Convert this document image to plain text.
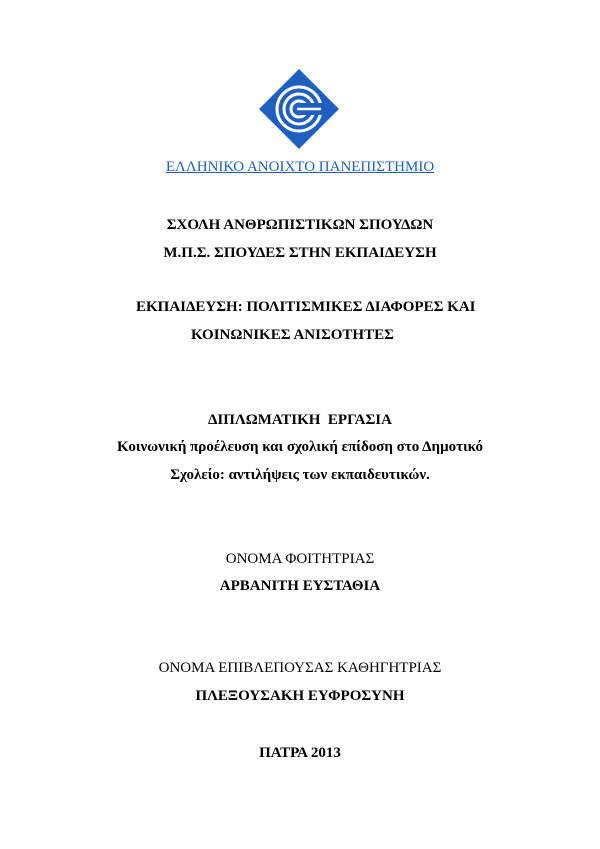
ΕΛΛΗΝΙΚΟ ΑΝΟΙΧΤΟ ΠΑΝΕΠΙΣΤΗΜΙΟ
ΣΧΟΛΗ ΑΝΘΡΩΠΙΣΤΙΚΩΝ ΣΠΟΥΔΩΝ
Μ.Π.Σ. ΣΠΟΥΔΕΣ ΣΤΗΝ ΕΚΠΑΙΔΕΥΣΗ
ΕΚΠΑΙΔΕΥΣΗ: ΠΟΛΙΤΙΣΜΙΚΕΣ ΔΙΑΦΟΡΕΣ ΚΑΙ
ΚΟΙΝΩΝΙΚΕΣ ΑΝΙΣΟΤΗΤΕΣ
ΔΙΠΛΩΜΑΤΙΚΗ  ΕΡΓΑΣΙΑ
Κοινωνική προέλευση και σχολική επίδοση στο Δημοτικό
Σχολείο: αντιλήψεις των εκπαιδευτικών.
ΟΝΟΜΑ ΦΟΙΤΗΤΡΙΑΣ
ΑΡΒΑΝΙΤΗ ΕΥΣΤΑΘΙΑ
ΟΝΟΜΑ ΕΠΙΒΛΕΠΟΥΣΑΣ ΚΑΘΗΓΗΤΡΙΑΣ
ΠΛΕΞΟΥΣΑΚΗ ΕΥΦΡΟΣΥΝΗ
ΠΑΤΡΑ 2013
